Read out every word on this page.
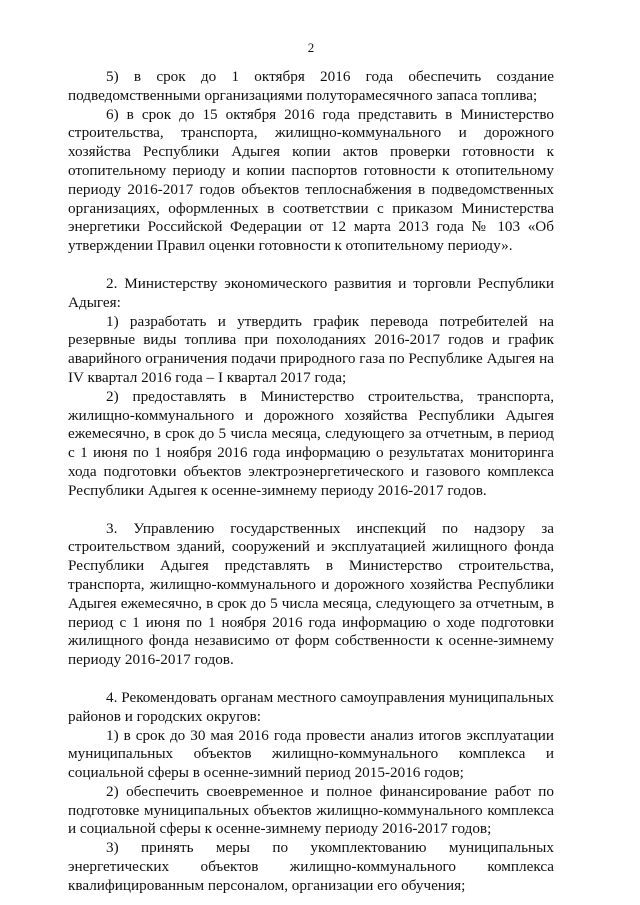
2

5) в срок до 1 октября 2016 года обеспечить создание подведомственными организациями полуторамесячного запаса топлива;

6) в срок до 15 октября 2016 года представить в Министерство строительства, транспорта, жилищно-коммунального и дорожного хозяйства Республики Адыгея копии актов проверки готовности к отопительному периоду и копии паспортов готовности к отопительному периоду 2016-2017 годов объектов теплоснабжения в подведомственных организациях, оформленных в соответствии с приказом Министерства энергетики Российской Федерации от 12 марта 2013 года № 103 «Об утверждении Правил оценки готовности к отопительному периоду».

2. Министерству экономического развития и торговли Республики Адыгея:

1) разработать и утвердить график перевода потребителей на резервные виды топлива при похолоданиях 2016-2017 годов и график аварийного ограничения подачи природного газа по Республике Адыгея на IV квартал 2016 года – I квартал 2017 года;

2) предоставлять в Министерство строительства, транспорта, жилищно-коммунального и дорожного хозяйства Республики Адыгея ежемесячно, в срок до 5 числа месяца, следующего за отчетным, в период с 1 июня по 1 ноября 2016 года информацию о результатах мониторинга хода подготовки объектов электроэнергетического и газового комплекса Республики Адыгея к осенне-зимнему периоду 2016-2017 годов.

3. Управлению государственных инспекций по надзору за строительством зданий, сооружений и эксплуатацией жилищного фонда Республики Адыгея представлять в Министерство строительства, транспорта, жилищно-коммунального и дорожного хозяйства Республики Адыгея ежемесячно, в срок до 5 числа месяца, следующего за отчетным, в период с 1 июня по 1 ноября 2016 года информацию о ходе подготовки жилищного фонда независимо от форм собственности к осенне-зимнему периоду 2016-2017 годов.

4. Рекомендовать органам местного самоуправления муниципальных районов и городских округов:

1) в срок до 30 мая 2016 года провести анализ итогов эксплуатации муниципальных объектов жилищно-коммунального комплекса и социальной сферы в осенне-зимний период 2015-2016 годов;

2) обеспечить своевременное и полное финансирование работ по подготовке муниципальных объектов жилищно-коммунального комплекса и социальной сферы к осенне-зимнему периоду 2016-2017 годов;

3) принять меры по укомплектованию муниципальных энергетических объектов жилищно-коммунального комплекса квалифицированным персоналом, организации его обучения;
